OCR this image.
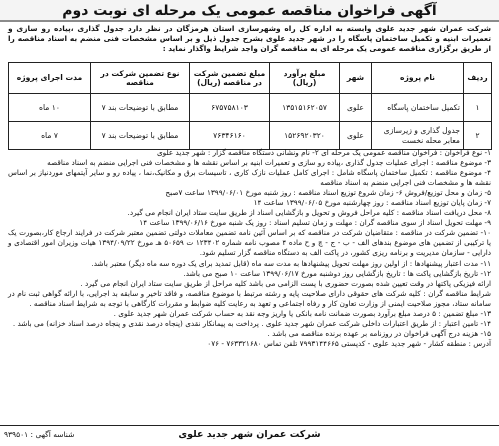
آگهی فراخوان مناقصه عمومی یک مرحله ای نوبت دوم
شرکت عمران شهر جدید علوی وابسته به اداره کل راه وشهرسازی استان هرمزگان در نظر دارد جدول گذاری ،پیاده رو سازی و تعمیرات ابنیه و تکمیل ساختمان پاسگاه را در شهر جدید علوی بشرح جدول ذیل و بر اساس مشخصات فنی منضم به اسناد مناقصه را از طریق برگزاری مناقصه عمومی یک مرحله ای به مناقصه گران واجد شرایط واگذار نماید :
ردیف	نام پروژه	شهر	مبلغ برآورد (ریال)	مبلغ تضمین شرکت در مناقصه (ریال)	نوع تضمین شرکت در مناقصه	مدت اجرای پروژه
۱	تکمیل ساختمان پاسگاه	علوی	۱۳۵۱۵۱۶۲۰۵۷	۶۷۵۷۵۸۱۰۳	مطابق با توضیحات بند ۷	۱۰ ماه
۲	جدول گذاری و زیرسازی معابر محله نخست	علوی	۱۵۲۶۹۲۰۳۲۰	۷۶۳۴۶۱۶۰	مطابق با توضیحات بند ۷	۷ ماه

۱- نوع فراخوان : فراخوان مناقصه عمومی یک مرحله ای ۲- نام ونشانی دستگاه مناقصه گزار : شهر جدید علوی

۳- موضوع مناقصه : اجرای عملیات جدول گذاری ،پیاده رو سازی و تعمیرات ابنیه بر اساس نقشه ها و مشخصات فنی اجرایی منضم به اسناد مناقصه

۴- موضوع مناقصه : تکمیل ساختمان پاسگاه شامل : اجرای کامل عملیات نازک کاری ، تاسیسات برق و مکانیک،نما ، پیاده رو و سایر آیتمهای موردنیاز بر اساس نقشه ها و مشخصات فنی اجرایی منضم به اسناد مناقصه

۵- زمان و محل توزیع/فروش ۶- زمان شروع توزیع اسناد مناقصه : روز شنبه مورخ ۱۳۹۹/۰۶/۰۱ ساعت ۷صبح

۷- زمان پایان توزیع اسناد مناقصه : روز چهارشنبه مورخ ۱۳۹۹/۰۶/۰۵ ساعت ۱۴

۸- محل دریافت اسناد مناقصه : کلیه مراحل فروش و تحویل و بازگشایی اسناد از طریق سایت ستاد ایران انجام می گیرد.

۹- مهلت تحویل اسناد از سوی مناقصه گران : مهلت و زمان تسلیم اسناد : روز یک شنبه مورخ ۱۳۹۹/۰۶/۱۶ ساعت ۱۴

۱۰- تضمین شرکت در مناقصه : متقاضیان شرکت در مناقصه که بر اساس آئین نامه تضمین معاملات دولتی تضمین معتبر شرکت در فرایند ارجاع کار،بصورت یک یا ترکیبی از تضمین های موضوع بندهای الف - ب - ج - چ و ح ماده ۴ مصوب نامه شماره ۱۲۳۴۰۲ ت ۵۰۶۵۹ هـ مورخ ۱۳۹۴/۰۹/۲۲ هیات وزیران امور اقتصادی و دارایی - سازمان مدیریت و برنامه ریزی کشور، در پاکت الف به دستگاه مناقصه گزار تسلیم شود.

۱۱- مدت اعتبار پیشنهادها : از اولین روز مهلت تحویل پیشنهادها به مدت سه ماه (قابل تمدید برای یک دوره سه ماه دیگر) معتبر باشد.

۱۲- تاریخ بازگشایی پاکت ها : تاریخ بازگشایی روز دوشنبه مورخ ۱۳۹۹/۰۶/۱۷ ساعت ۱۰ صبح می باشد.

ارائه فیزیکی پاکتها در وقت تعیین شده بصورت حضوری با پست الزامی می باشد کلیه مراحل از طریق سایت ستاد ایران انجام می گیرد .

شرایط مناقصه گران : کلیه شرکت های حقوقی دارای صلاحیت پایه و رشته مرتبط با موضوع مناقصه، و فاقد تاخیر و سابقه بد اجرایی، با ارائه گواهی ثبت نام در سامانه ستاد، مجوز صلاحیت ایمنی از وزارت تعاون کار و رفاه اجتماعی و تعهد به رعایت کلیه ضوابط و مقررات کارگاهی با توجه به شرایط اسناد مناقصه .

۱۳- مبلغ تضمین : ۵ درصد مبلغ برآورد بصورت ضمانت نامه بانکی یا واریز وجه نقد به حساب شرکت عمران شهر جدید علوی .

۱۴- تامین اعتبار : از طریق اعتبارات داخلی شرکت عمران شهر جدید علوی . پرداخت به پیمانکار نقدی (پنجاه درصد نقدی و پنجاه درصد اسناد خزانه) می باشد .

۱۵- هزینه درج آگهی فراخوان در روزنامه بر عهده برنده مناقصه می باشد .

آدرس : منطقه کشار - شهر جدید علوی - کدپستی ۷۹۹۳۱۴۴۶۶۵ تلفن تماس ۷۶۳۳۲۱۶۸۰ - ۰۷۶

شرکت عمران شهر جدید علوی
شناسه آگهی : ۹۳۹۵۰۱
